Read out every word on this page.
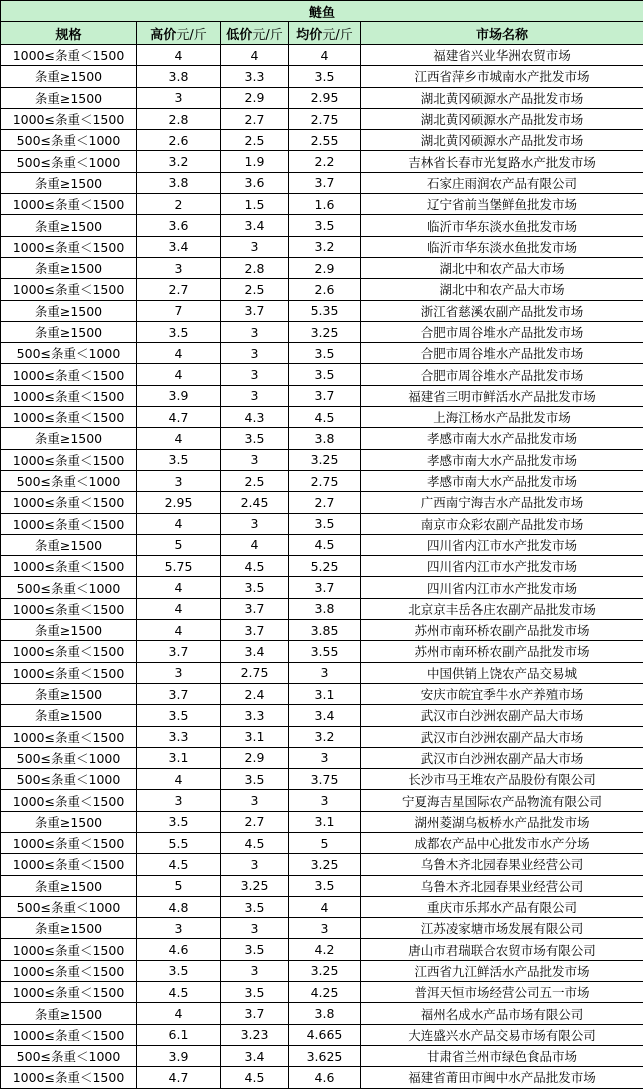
鲢鱼				
规格	高价元/斤	低价元/斤	均价元/斤	市场名称
1000≤条重＜1500	4	4	4	福建省兴业华洲农贸市场
条重≥1500	3.8	3.3	3.5	江西省萍乡市城南水产批发市场
条重≥1500	3	2.9	2.95	湖北黄冈硕源水产品批发市场
1000≤条重＜1500	2.8	2.7	2.75	湖北黄冈硕源水产品批发市场
500≤条重＜1000	2.6	2.5	2.55	湖北黄冈硕源水产品批发市场
500≤条重＜1000	3.2	1.9	2.2	吉林省长春市光复路水产批发市场
条重≥1500	3.8	3.6	3.7	石家庄雨润农产品有限公司
1000≤条重＜1500	2	1.5	1.6	辽宁省前当堡鲜鱼批发市场
条重≥1500	3.6	3.4	3.5	临沂市华东淡水鱼批发市场
1000≤条重＜1500	3.4	3	3.2	临沂市华东淡水鱼批发市场
条重≥1500	3	2.8	2.9	湖北中和农产品大市场
1000≤条重＜1500	2.7	2.5	2.6	湖北中和农产品大市场
条重≥1500	7	3.7	5.35	浙江省慈溪农副产品批发市场
条重≥1500	3.5	3	3.25	合肥市周谷堆水产品批发市场
500≤条重＜1000	4	3	3.5	合肥市周谷堆水产品批发市场
1000≤条重＜1500	4	3	3.5	合肥市周谷堆水产品批发市场
1000≤条重＜1500	3.9	3	3.7	福建省三明市鲜活水产品批发市场
1000≤条重＜1500	4.7	4.3	4.5	上海江杨水产品批发市场
条重≥1500	4	3.5	3.8	孝感市南大水产品批发市场
1000≤条重＜1500	3.5	3	3.25	孝感市南大水产品批发市场
500≤条重＜1000	3	2.5	2.75	孝感市南大水产品批发市场
1000≤条重＜1500	2.95	2.45	2.7	广西南宁海吉水产品批发市场
1000≤条重＜1500	4	3	3.5	南京市众彩农副产品批发市场
条重≥1500	5	4	4.5	四川省内江市水产批发市场
1000≤条重＜1500	5.75	4.5	5.25	四川省内江市水产批发市场
500≤条重＜1000	4	3.5	3.7	四川省内江市水产批发市场
1000≤条重＜1500	4	3.7	3.8	北京京丰岳各庄农副产品批发市场
条重≥1500	4	3.7	3.85	苏州市南环桥农副产品批发市场
1000≤条重＜1500	3.7	3.4	3.55	苏州市南环桥农副产品批发市场
1000≤条重＜1500	3	2.75	3	中国供销上饶农产品交易城
条重≥1500	3.7	2.4	3.1	安庆市皖宜季牛水产养殖市场
条重≥1500	3.5	3.3	3.4	武汉市白沙洲农副产品大市场
1000≤条重＜1500	3.3	3.1	3.2	武汉市白沙洲农副产品大市场
500≤条重＜1000	3.1	2.9	3	武汉市白沙洲农副产品大市场
500≤条重＜1000	4	3.5	3.75	长沙市马王堆农产品股份有限公司
1000≤条重＜1500	3	3	3	宁夏海吉星国际农产品物流有限公司
条重≥1500	3.5	2.7	3.1	湖州菱湖乌板桥水产品批发市场
1000≤条重＜1500	5.5	4.5	5	成都农产品中心批发市水产分场
1000≤条重＜1500	4.5	3	3.25	乌鲁木齐北园春果业经营公司
条重≥1500	5	3.25	3.5	乌鲁木齐北园春果业经营公司
500≤条重＜1000	4.8	3.5	4	重庆市乐邦水产品有限公司
条重≥1500	3	3	3	江苏凌家塘市场发展有限公司
1000≤条重＜1500	4.6	3.5	4.2	唐山市君瑞联合农贸市场有限公司
1000≤条重＜1500	3.5	3	3.25	江西省九江鲜活水产品批发市场
1000≤条重＜1500	4.5	3.5	4.25	普洱天恒市场经营公司五一市场
条重≥1500	4	3.7	3.8	福州名成水产品市场有限公司
1000≤条重＜1500	6.1	3.23	4.665	大连盛兴水产品交易市场有限公司
500≤条重＜1000	3.9	3.4	3.625	甘肃省兰州市绿色食品市场
1000≤条重＜1500	4.7	4.5	4.6	福建省莆田市闽中水产品批发市场
